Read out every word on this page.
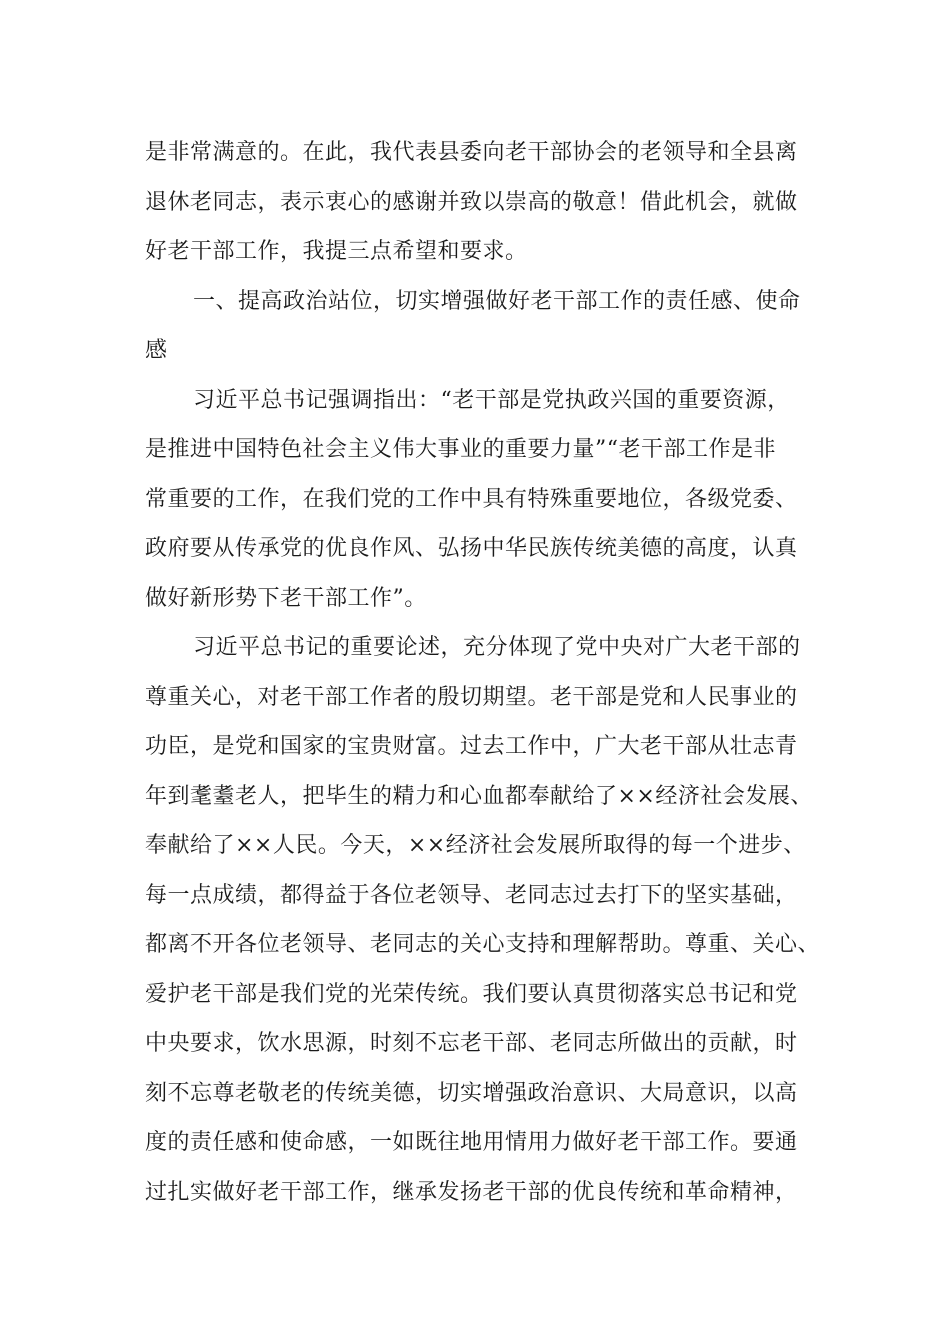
是非常满意的。在此，我代表县委向老干部协会的老领导和全县离
退休老同志，表示衷心的感谢并致以崇高的敬意！借此机会，就做
好老干部工作，我提三点希望和要求。
一、提高政治站位，切实增强做好老干部工作的责任感、使命
感
习近平总书记强调指出：“老干部是党执政兴国的重要资源，
是推进中国特色社会主义伟大事业的重要力量”“老干部工作是非
常重要的工作，在我们党的工作中具有特殊重要地位，各级党委、
政府要从传承党的优良作风、弘扬中华民族传统美德的高度，认真
做好新形势下老干部工作”。
习近平总书记的重要论述，充分体现了党中央对广大老干部的
尊重关心，对老干部工作者的殷切期望。老干部是党和人民事业的
功臣，是党和国家的宝贵财富。过去工作中，广大老干部从壮志青
年到耄耋老人，把毕生的精力和心血都奉献给了××经济社会发展、
奉献给了××人民。今天，××经济社会发展所取得的每一个进步、
每一点成绩，都得益于各位老领导、老同志过去打下的坚实基础，
都离不开各位老领导、老同志的关心支持和理解帮助。尊重、关心、
爱护老干部是我们党的光荣传统。我们要认真贯彻落实总书记和党
中央要求，饮水思源，时刻不忘老干部、老同志所做出的贡献，时
刻不忘尊老敬老的传统美德，切实增强政治意识、大局意识，以高
度的责任感和使命感，一如既往地用情用力做好老干部工作。要通
过扎实做好老干部工作，继承发扬老干部的优良传统和革命精神，
